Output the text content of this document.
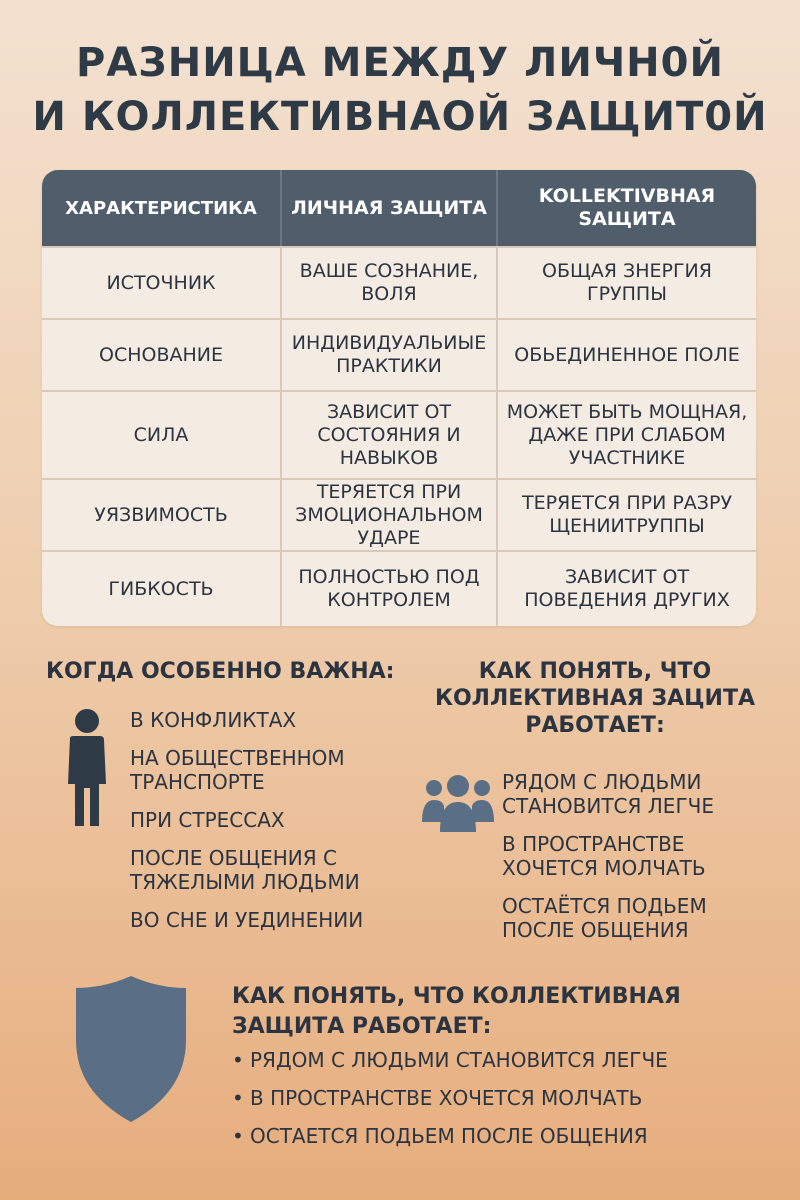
РАЗНИЦА МЕЖДУ ЛИЧН0Й
И КОЛЛЕКТИВНАОЙ ЗАЩИТ0Й
ХАРАКТЕРИСТИКА	ЛИЧНАЯ ЗАЩИТА
KOLLEKTIVВНАЯ SАЩИТА
ИСТОЧНИК
ВАШЕ СОЗНАНИЕ, ВОЛЯ
ОБЩАЯ ЗНЕРГИЯ ГРУППЫ
ОСНОВАНИЕ
ИНДИВИДУАЛЬИЫЕ ПРАКТИКИ
ОБЬЕДИНЕННОЕ ПОЛЕ
СИЛА
ЗАВИСИТ ОТ СОСТОЯНИЯ И НАВЫКОВ
МОЖЕТ БЫТЬ МОЩНАЯ, ДАЖЕ ПРИ СЛАБОМ УЧАСТНИКЕ
УЯЗВИМОСТЬ
ТЕРЯЕТСЯ ПРИ ЗМОЦИОНАЛЬНОМ УДАРЕ
ТЕРЯЕТСЯ ПРИ РАЗРУ ЩЕНИИТРУППЫ
ГИБКОСТЬ
ПОЛНОСТЬЮ ПОД КОНТРОЛЕМ
ЗАВИСИТ ОТ ПОВЕДЕНИЯ ДРУГИХ
КОГДА ОСОБЕННО ВАЖНА:
В КОНФЛИКТАХ
НА ОБЩЕСТВЕННОМ ТРАНСПОРТЕ
ПРИ СТРЕССАХ
ПОСЛЕ ОБЩЕНИЯ С ТЯЖЕЛЫМИ ЛЮДЬМИ
ВО СНЕ И УЕДИНЕНИИ
КАК ПОНЯТЬ, ЧТО КОЛЛЕКТИВНАЯ ЗАЦИТА РАБОТАЕТ:
РЯДОМ С ЛЮДЬМИ СТАНОВИТСЯ ЛЕГЧЕ
В ПРОСТРАНСТВЕ ХОЧЕТСЯ МОЛЧАТЬ
ОСТАЁТСЯ ПОДЬЕМ ПОСЛЕ ОБЩЕНИЯ
КАК ПОНЯТЬ, ЧТО КОЛЛЕКТИВНАЯ ЗАЩИТА РАБОТАЕТ:
• РЯДОМ С ЛЮДЬМИ СТАНОВИТСЯ ЛЕГЧЕ
• В ПРОСТРАНСТВЕ ХОЧЕТСЯ МОЛЧАТЬ
• ОСТАЕТСЯ ПОДЬЕМ ПОСЛЕ ОБЩЕНИЯ
